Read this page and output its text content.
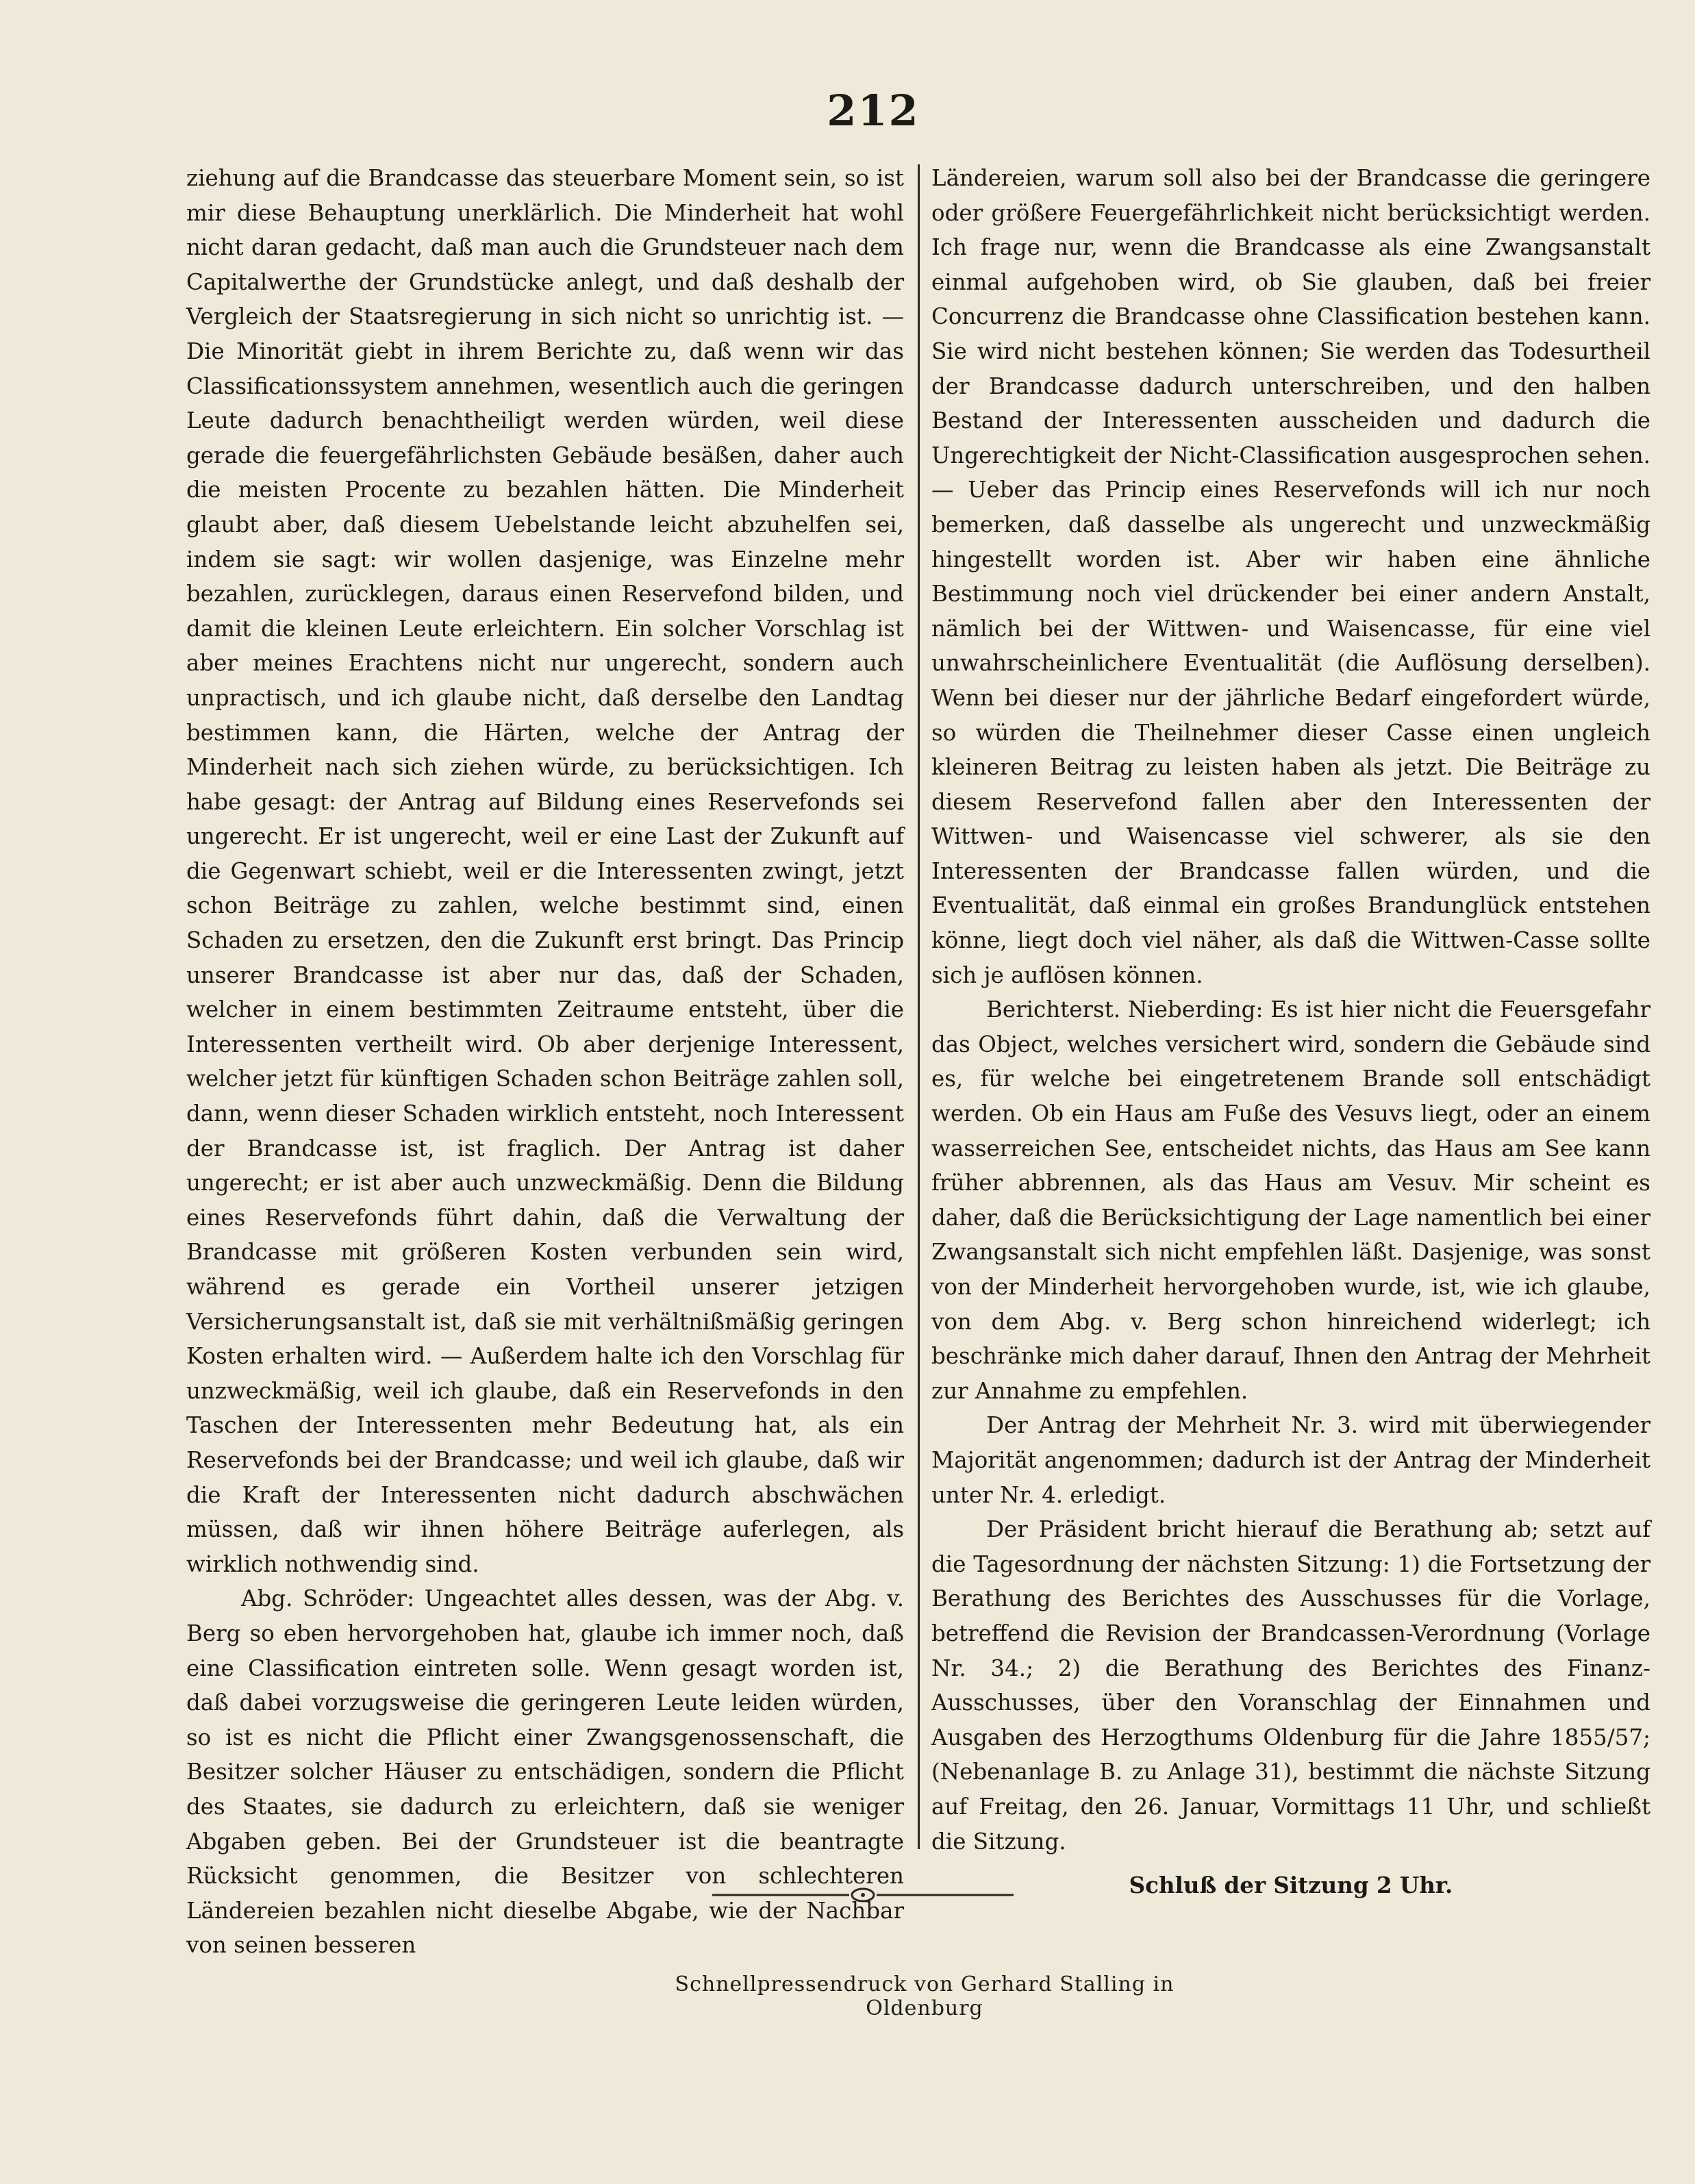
212

ziehung auf die Brandcasse das steuerbare Moment sein, so ist mir diese Behauptung unerklärlich. Die Minderheit hat wohl nicht daran gedacht, daß man auch die Grundsteuer nach dem Capitalwerthe der Grundstücke anlegt, und daß deshalb der Vergleich der Staatsregierung in sich nicht so unrichtig ist. — Die Minorität giebt in ihrem Berichte zu, daß wenn wir das Classificationssystem annehmen, wesentlich auch die geringen Leute dadurch benachtheiligt werden würden, weil diese gerade die feuergefährlichsten Gebäude besäßen, daher auch die meisten Procente zu bezahlen hätten. Die Minderheit glaubt aber, daß diesem Uebelstande leicht abzuhelfen sei, indem sie sagt: wir wollen dasjenige, was Einzelne mehr bezahlen, zurücklegen, daraus einen Reservefond bilden, und damit die kleinen Leute erleichtern. Ein solcher Vorschlag ist aber meines Erachtens nicht nur ungerecht, sondern auch unpractisch, und ich glaube nicht, daß derselbe den Landtag bestimmen kann, die Härten, welche der Antrag der Minderheit nach sich ziehen würde, zu berücksichtigen. Ich habe gesagt: der Antrag auf Bildung eines Reservefonds sei ungerecht. Er ist ungerecht, weil er eine Last der Zukunft auf die Gegenwart schiebt, weil er die Interessenten zwingt, jetzt schon Beiträge zu zahlen, welche bestimmt sind, einen Schaden zu ersetzen, den die Zukunft erst bringt. Das Princip unserer Brandcasse ist aber nur das, daß der Schaden, welcher in einem bestimmten Zeitraume entsteht, über die Interessenten vertheilt wird. Ob aber derjenige Interessent, welcher jetzt für künftigen Schaden schon Beiträge zahlen soll, dann, wenn dieser Schaden wirklich entsteht, noch Interessent der Brandcasse ist, ist fraglich. Der Antrag ist daher ungerecht; er ist aber auch unzweckmäßig. Denn die Bildung eines Reservefonds führt dahin, daß die Verwaltung der Brandcasse mit größeren Kosten verbunden sein wird, während es gerade ein Vortheil unserer jetzigen Versicherungsanstalt ist, daß sie mit verhältnißmäßig geringen Kosten erhalten wird. — Außerdem halte ich den Vorschlag für unzweckmäßig, weil ich glaube, daß ein Reservefonds in den Taschen der Interessenten mehr Bedeutung hat, als ein Reservefonds bei der Brandcasse; und weil ich glaube, daß wir die Kraft der Interessenten nicht dadurch abschwächen müssen, daß wir ihnen höhere Beiträge auferlegen, als wirklich nothwendig sind.

Abg. Schröder: Ungeachtet alles dessen, was der Abg. v. Berg so eben hervorgehoben hat, glaube ich immer noch, daß eine Classification eintreten solle. Wenn gesagt worden ist, daß dabei vorzugsweise die geringeren Leute leiden würden, so ist es nicht die Pflicht einer Zwangsgenossenschaft, die Besitzer solcher Häuser zu entschädigen, sondern die Pflicht des Staates, sie dadurch zu erleichtern, daß sie weniger Abgaben geben. Bei der Grundsteuer ist die beantragte Rücksicht genommen, die Besitzer von schlechteren Ländereien bezahlen nicht dieselbe Abgabe, wie der Nachbar von seinen besseren

Ländereien, warum soll also bei der Brandcasse die geringere oder größere Feuergefährlichkeit nicht berücksichtigt werden. Ich frage nur, wenn die Brandcasse als eine Zwangsanstalt einmal aufgehoben wird, ob Sie glauben, daß bei freier Concurrenz die Brandcasse ohne Classification bestehen kann. Sie wird nicht bestehen können; Sie werden das Todesurtheil der Brandcasse dadurch unterschreiben, und den halben Bestand der Interessenten ausscheiden und dadurch die Ungerechtigkeit der Nicht-Classification ausgesprochen sehen. — Ueber das Princip eines Reservefonds will ich nur noch bemerken, daß dasselbe als ungerecht und unzweckmäßig hingestellt worden ist. Aber wir haben eine ähnliche Bestimmung noch viel drückender bei einer andern Anstalt, nämlich bei der Wittwen- und Waisencasse, für eine viel unwahrscheinlichere Eventualität (die Auflösung derselben). Wenn bei dieser nur der jährliche Bedarf eingefordert würde, so würden die Theilnehmer dieser Casse einen ungleich kleineren Beitrag zu leisten haben als jetzt. Die Beiträge zu diesem Reservefond fallen aber den Interessenten der Wittwen- und Waisencasse viel schwerer, als sie den Interessenten der Brandcasse fallen würden, und die Eventualität, daß einmal ein großes Brandunglück entstehen könne, liegt doch viel näher, als daß die Wittwen-Casse sollte sich je auflösen können.

Berichterst. Nieberding: Es ist hier nicht die Feuersgefahr das Object, welches versichert wird, sondern die Gebäude sind es, für welche bei eingetretenem Brande soll entschädigt werden. Ob ein Haus am Fuße des Vesuvs liegt, oder an einem wasserreichen See, entscheidet nichts, das Haus am See kann früher abbrennen, als das Haus am Vesuv. Mir scheint es daher, daß die Berücksichtigung der Lage namentlich bei einer Zwangsanstalt sich nicht empfehlen läßt. Dasjenige, was sonst von der Minderheit hervorgehoben wurde, ist, wie ich glaube, von dem Abg. v. Berg schon hinreichend widerlegt; ich beschränke mich daher darauf, Ihnen den Antrag der Mehrheit zur Annahme zu empfehlen.

Der Antrag der Mehrheit Nr. 3. wird mit überwiegender Majorität angenommen; dadurch ist der Antrag der Minderheit unter Nr. 4. erledigt.

Der Präsident bricht hierauf die Berathung ab; setzt auf die Tagesordnung der nächsten Sitzung: 1) die Fortsetzung der Berathung des Berichtes des Ausschusses für die Vorlage, betreffend die Revision der Brandcassen-Verordnung (Vorlage Nr. 34.; 2) die Berathung des Berichtes des Finanz-Ausschusses, über den Voranschlag der Einnahmen und Ausgaben des Herzogthums Oldenburg für die Jahre 1855/57; (Nebenanlage B. zu Anlage 31), bestimmt die nächste Sitzung auf Freitag, den 26. Januar, Vormittags 11 Uhr, und schließt die Sitzung.

Schluß der Sitzung 2 Uhr.

Schnellpressendruck von Gerhard Stalling in Oldenburg
